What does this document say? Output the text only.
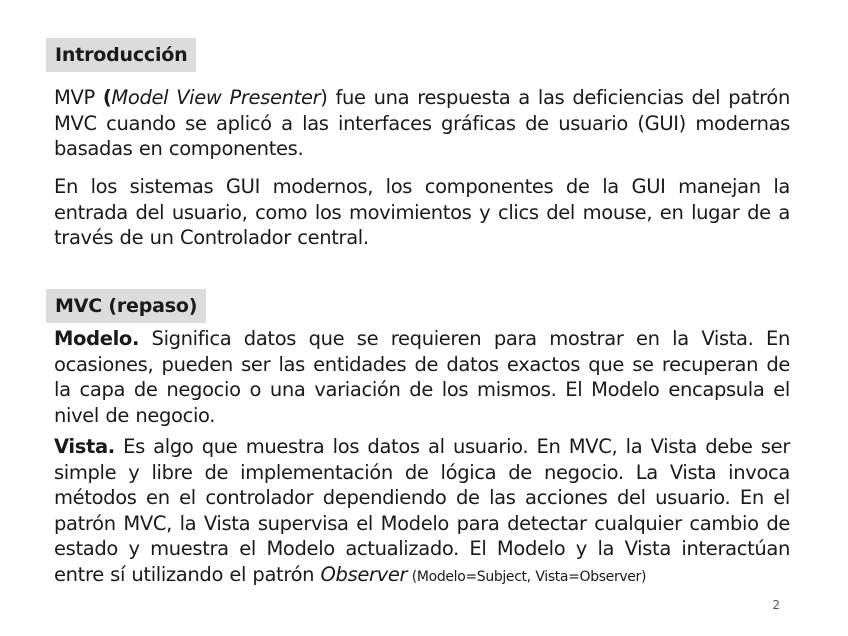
Introducción

MVP (Model View Presenter) fue una respuesta a las deficiencias del patrón MVC cuando se aplicó a las interfaces gráficas de usuario (GUI) modernas basadas en componentes.

En los sistemas GUI modernos, los componentes de la GUI manejan la entrada del usuario, como los movimientos y clics del mouse, en lugar de a través de un Controlador central.

MVC (repaso)

Modelo. Significa datos que se requieren para mostrar en la Vista. En ocasiones, pueden ser las entidades de datos exactos que se recuperan de la capa de negocio o una variación de los mismos. El Modelo encapsula el nivel de negocio.

Vista. Es algo que muestra los datos al usuario. En MVC, la Vista debe ser simple y libre de implementación de lógica de negocio. La Vista invoca métodos en el controlador dependiendo de las acciones del usuario. En el patrón MVC, la Vista supervisa el Modelo para detectar cualquier cambio de estado y muestra el Modelo actualizado. El Modelo y la Vista interactúan entre sí utilizando el patrón Observer (Modelo=Subject, Vista=Observer)

2
